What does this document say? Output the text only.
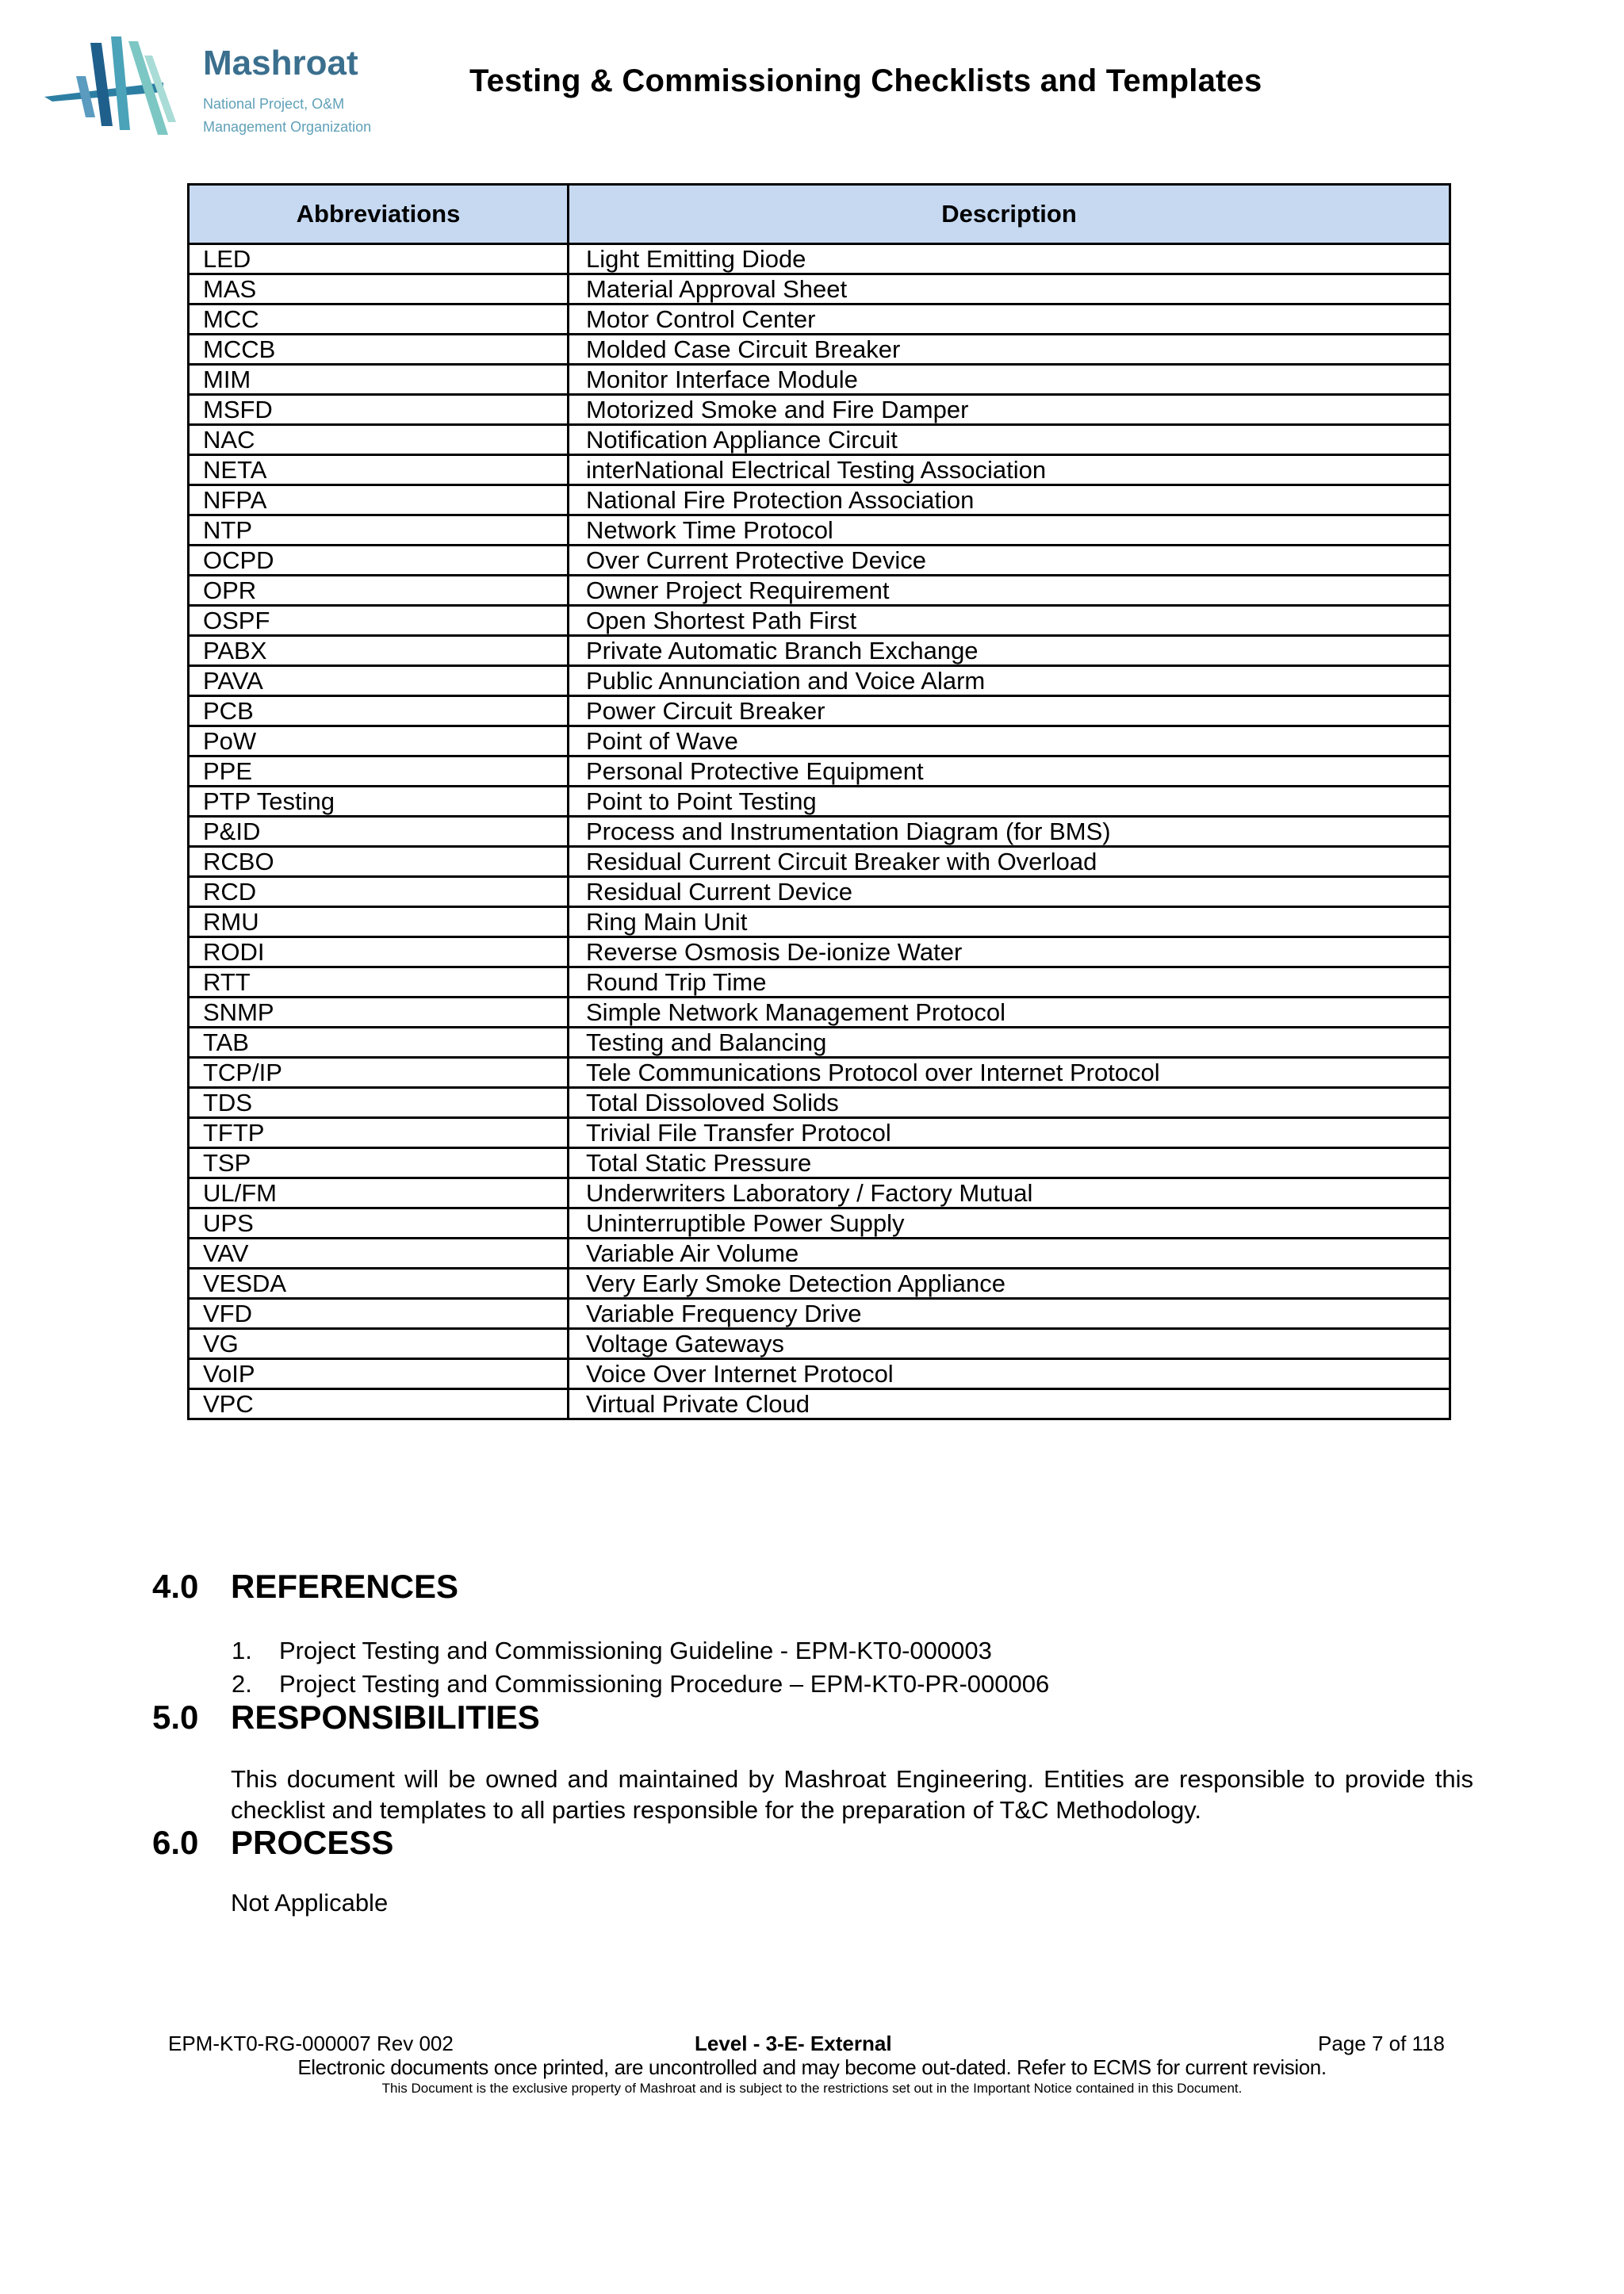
Mashroat
National Project, O&M
Management Organization
Testing & Commissioning Checklists and Templates
Abbreviations	Description
LED	Light Emitting Diode
MAS	Material Approval Sheet
MCC	Motor Control Center
MCCB	Molded Case Circuit Breaker
MIM	Monitor Interface Module
MSFD	Motorized Smoke and Fire Damper
NAC	Notification Appliance Circuit
NETA	interNational Electrical Testing Association
NFPA	National Fire Protection Association
NTP	Network Time Protocol
OCPD	Over Current Protective Device
OPR	Owner Project Requirement
OSPF	Open Shortest Path First
PABX	Private Automatic Branch Exchange
PAVA	Public Annunciation and Voice Alarm
PCB	Power Circuit Breaker
PoW	Point of Wave
PPE	Personal Protective Equipment
PTP Testing	Point to Point Testing
P&ID	Process and Instrumentation Diagram (for BMS)
RCBO	Residual Current Circuit Breaker with Overload
RCD	Residual Current Device
RMU	Ring Main Unit
RODI	Reverse Osmosis De-ionize Water
RTT	Round Trip Time
SNMP	Simple Network Management Protocol
TAB	Testing and Balancing
TCP/IP	Tele Communications Protocol over Internet Protocol
TDS	Total Dissoloved Solids
TFTP	Trivial File Transfer Protocol
TSP	Total Static Pressure
UL/FM	Underwriters Laboratory / Factory Mutual
UPS	Uninterruptible Power Supply
VAV	Variable Air Volume
VESDA	Very Early Smoke Detection Appliance
VFD	Variable Frequency Drive
VG	Voltage Gateways
VoIP	Voice Over Internet Protocol
VPC	Virtual Private Cloud
4.0 REFERENCES
1. Project Testing and Commissioning Guideline - EPM-KT0-000003
2. Project Testing and Commissioning Procedure – EPM-KT0-PR-000006
5.0 RESPONSIBILITIES
This document will be owned and maintained by Mashroat Engineering. Entities are responsible to provide this checklist and templates to all parties responsible for the preparation of T&C Methodology.
6.0 PROCESS
Not Applicable
EPM-KT0-RG-000007 Rev 002	Level - 3-E- External	Page 7 of 118
Electronic documents once printed, are uncontrolled and may become out-dated. Refer to ECMS for current revision.
This Document is the exclusive property of Mashroat and is subject to the restrictions set out in the Important Notice contained in this Document.
